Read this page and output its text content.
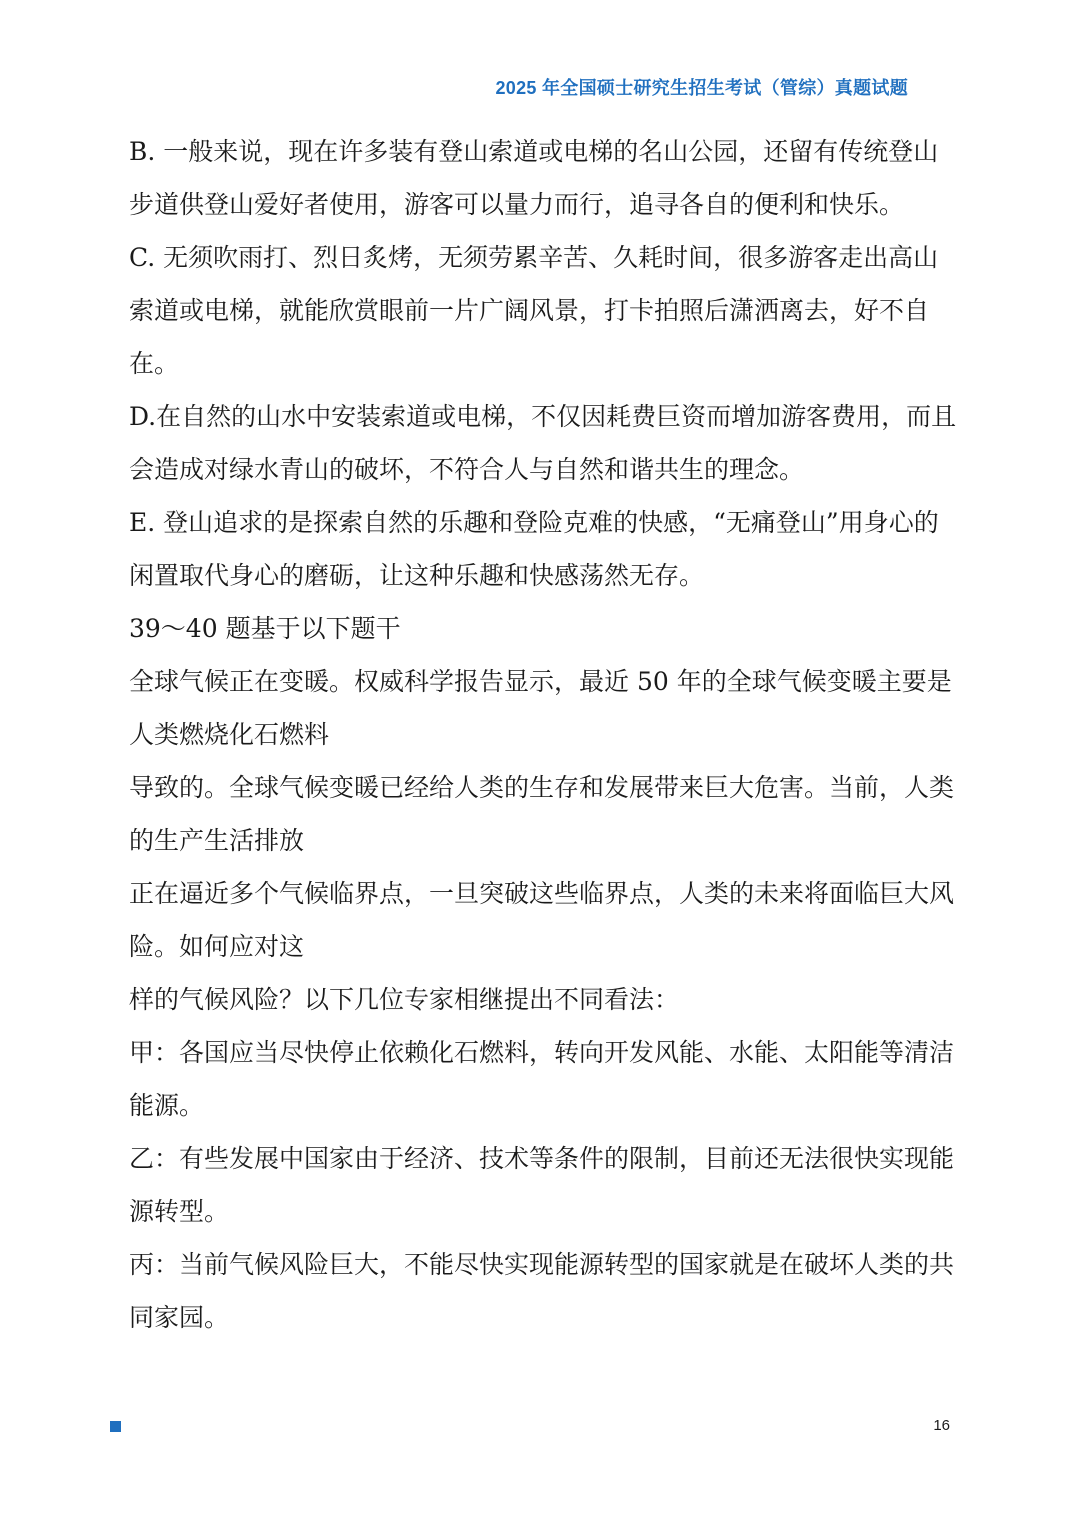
2025 年全国硕士研究生招生考试（管综）真题试题

B. 一般来说，现在许多装有登山索道或电梯的名山公园，还留有传统登山步道供登山爱好者使用，游客可以量力而行，追寻各自的便利和快乐。

C. 无须吹雨打、烈日炙烤，无须劳累辛苦、久耗时间，很多游客走出高山索道或电梯，就能欣赏眼前一片广阔风景，打卡拍照后潇洒离去，好不自在。

D.在自然的山水中安装索道或电梯，不仅因耗费巨资而增加游客费用，而且会造成对绿水青山的破坏，不符合人与自然和谐共生的理念。

E. 登山追求的是探索自然的乐趣和登险克难的快感，“无痛登山”用身心的闲置取代身心的磨砺，让这种乐趣和快感荡然无存。

39～40 题基于以下题干

全球气候正在变暖。权威科学报告显示，最近 50 年的全球气候变暖主要是人类燃烧化石燃料

导致的。全球气候变暖已经给人类的生存和发展带来巨大危害。当前，人类的生产生活排放

正在逼近多个气候临界点，一旦突破这些临界点，人类的未来将面临巨大风险。如何应对这

样的气候风险？以下几位专家相继提出不同看法：

甲：各国应当尽快停止依赖化石燃料，转向开发风能、水能、太阳能等清洁能源。

乙：有些发展中国家由于经济、技术等条件的限制，目前还无法很快实现能源转型。

丙：当前气候风险巨大，不能尽快实现能源转型的国家就是在破坏人类的共同家园。

16
